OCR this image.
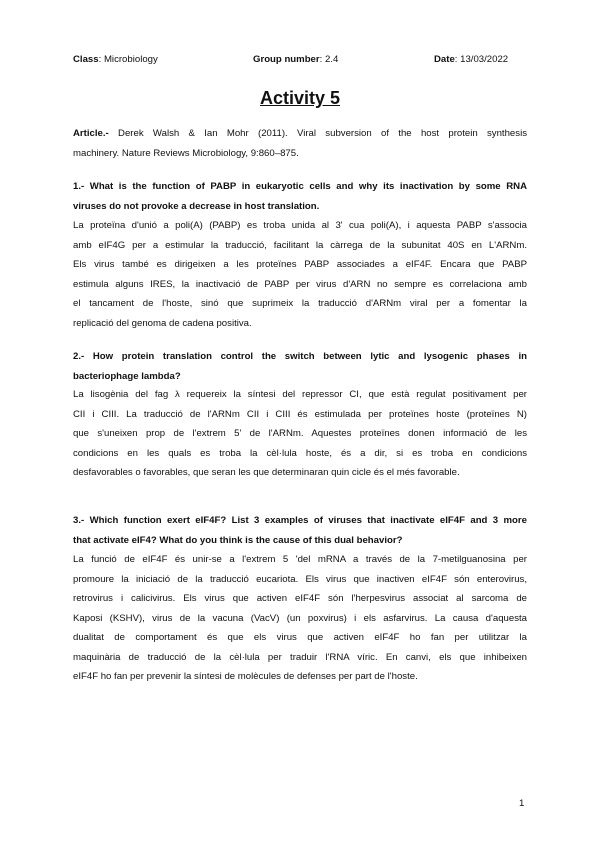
Class: Microbiology	Group number: 2.4	Date: 13/03/2022
Activity 5
Article.- Derek Walsh & Ian Mohr (2011). Viral subversion of the host protein synthesis
machinery. Nature Reviews Microbiology, 9:860–875.
1.- What is the function of PABP in eukaryotic cells and why its inactivation by some RNA
viruses do not provoke a decrease in host translation.
La proteïna d'unió a poli(A) (PABP) es troba unida al 3' cua poli(A), i aquesta PABP s'associa
amb eIF4G per a estimular la traducció, facilitant la càrrega de la subunitat 40S en L'ARNm.
Els virus també es dirigeixen a les proteïnes PABP associades a eIF4F. Encara que PABP
estimula alguns IRES, la inactivació de PABP per virus d'ARN no sempre es correlaciona amb
el tancament de l'hoste, sinó que suprimeix la traducció d'ARNm viral per a fomentar la
replicació del genoma de cadena positiva.
2.- How protein translation control the switch between lytic and lysogenic phases in
bacteriophage lambda?
La lisogènia del fag λ requereix la síntesi del repressor CI, que està regulat positivament per
CII i CIII. La traducció de l'ARNm CII i CIII és estimulada per proteïnes hoste (proteïnes N)
que s'uneixen prop de l'extrem 5' de l'ARNm. Aquestes proteïnes donen informació de les
condicions en les quals es troba la cèl·lula hoste, és a dir, si es troba en condicions
desfavorables o favorables, que seran les que determinaran quin cicle és el més favorable.
3.- Which function exert eIF4F? List 3 examples of viruses that inactivate eIF4F and 3 more
that activate eIF4? What do you think is the cause of this dual behavior?
La funció de eIF4F és unir-se a l'extrem 5 'del mRNA a través de la 7-metilguanosina per
promoure la iniciació de la traducció eucariota. Els virus que inactiven eIF4F són enterovirus,
retrovirus i calicivirus. Els virus que activen eIF4F són l'herpesvirus associat al sarcoma de
Kaposi (KSHV), virus de la vacuna (VacV) (un poxvirus) i els asfarvirus. La causa d'aquesta
dualitat de comportament és que els virus que activen eIF4F ho fan per utilitzar la
maquinària de traducció de la cèl·lula per traduir l'RNA víric. En canvi, els que inhibeixen
eIF4F ho fan per prevenir la síntesi de molècules de defenses per part de l'hoste.
1
